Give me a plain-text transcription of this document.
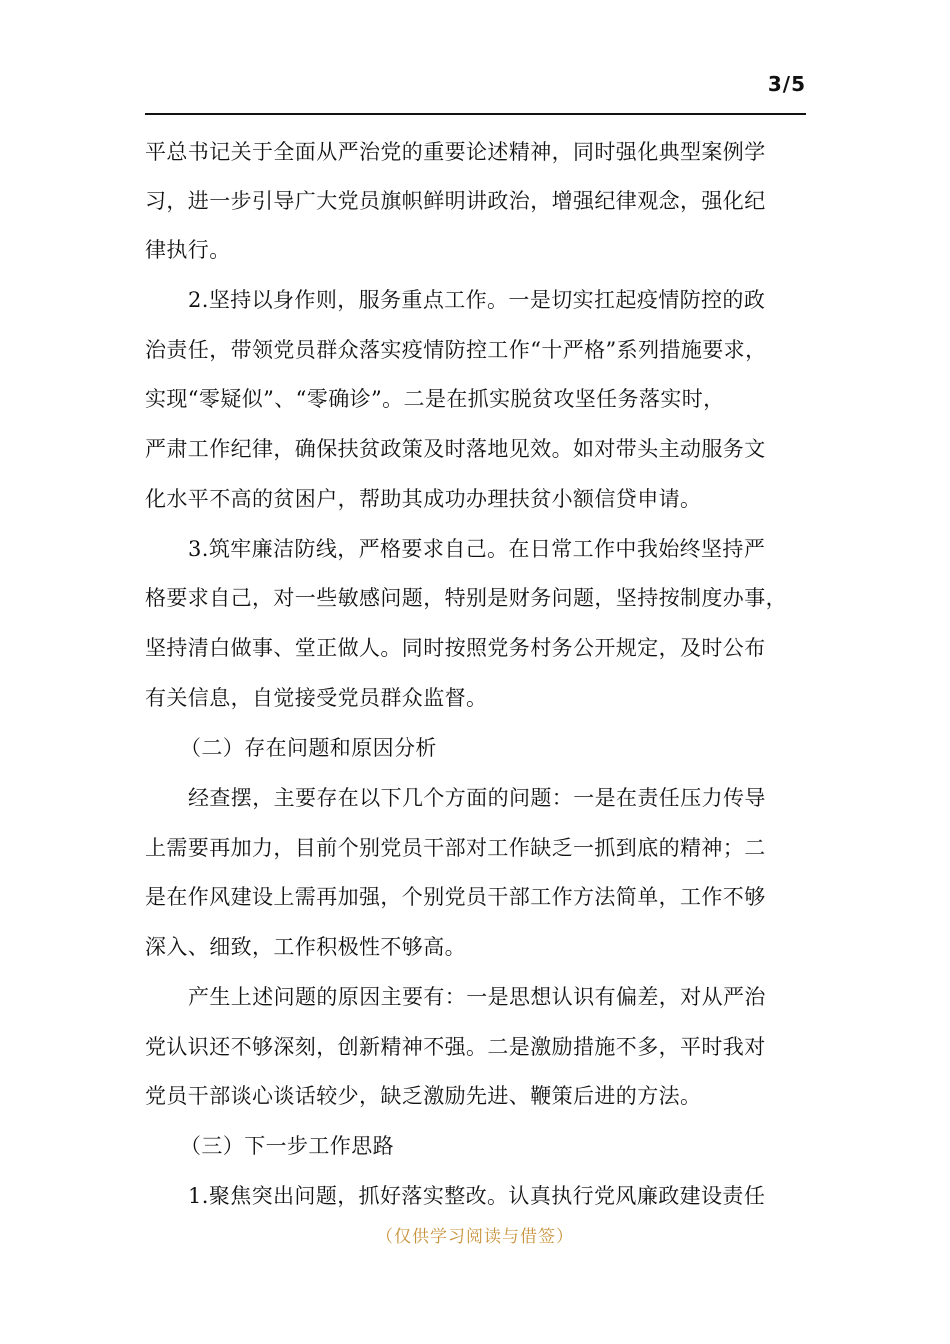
3/5
平总书记关于全面从严治党的重要论述精神，同时强化典型案例学
习，进一步引导广大党员旗帜鲜明讲政治，增强纪律观念，强化纪
律执行。
2.坚持以身作则，服务重点工作。一是切实扛起疫情防控的政
治责任，带领党员群众落实疫情防控工作“十严格”系列措施要求，
实现“零疑似”、“零确诊”。二是在抓实脱贫攻坚任务落实时，
严肃工作纪律，确保扶贫政策及时落地见效。如对带头主动服务文
化水平不高的贫困户，帮助其成功办理扶贫小额信贷申请。
3.筑牢廉洁防线，严格要求自己。在日常工作中我始终坚持严
格要求自己，对一些敏感问题，特别是财务问题，坚持按制度办事，
坚持清白做事、堂正做人。同时按照党务村务公开规定，及时公布
有关信息，自觉接受党员群众监督。
（二）存在问题和原因分析
经查摆，主要存在以下几个方面的问题：一是在责任压力传导
上需要再加力，目前个别党员干部对工作缺乏一抓到底的精神；二
是在作风建设上需再加强，个别党员干部工作方法简单，工作不够
深入、细致，工作积极性不够高。
产生上述问题的原因主要有：一是思想认识有偏差，对从严治
党认识还不够深刻，创新精神不强。二是激励措施不多，平时我对
党员干部谈心谈话较少，缺乏激励先进、鞭策后进的方法。
（三）下一步工作思路
1.聚焦突出问题，抓好落实整改。认真执行党风廉政建设责任
（仅供学习阅读与借签）
